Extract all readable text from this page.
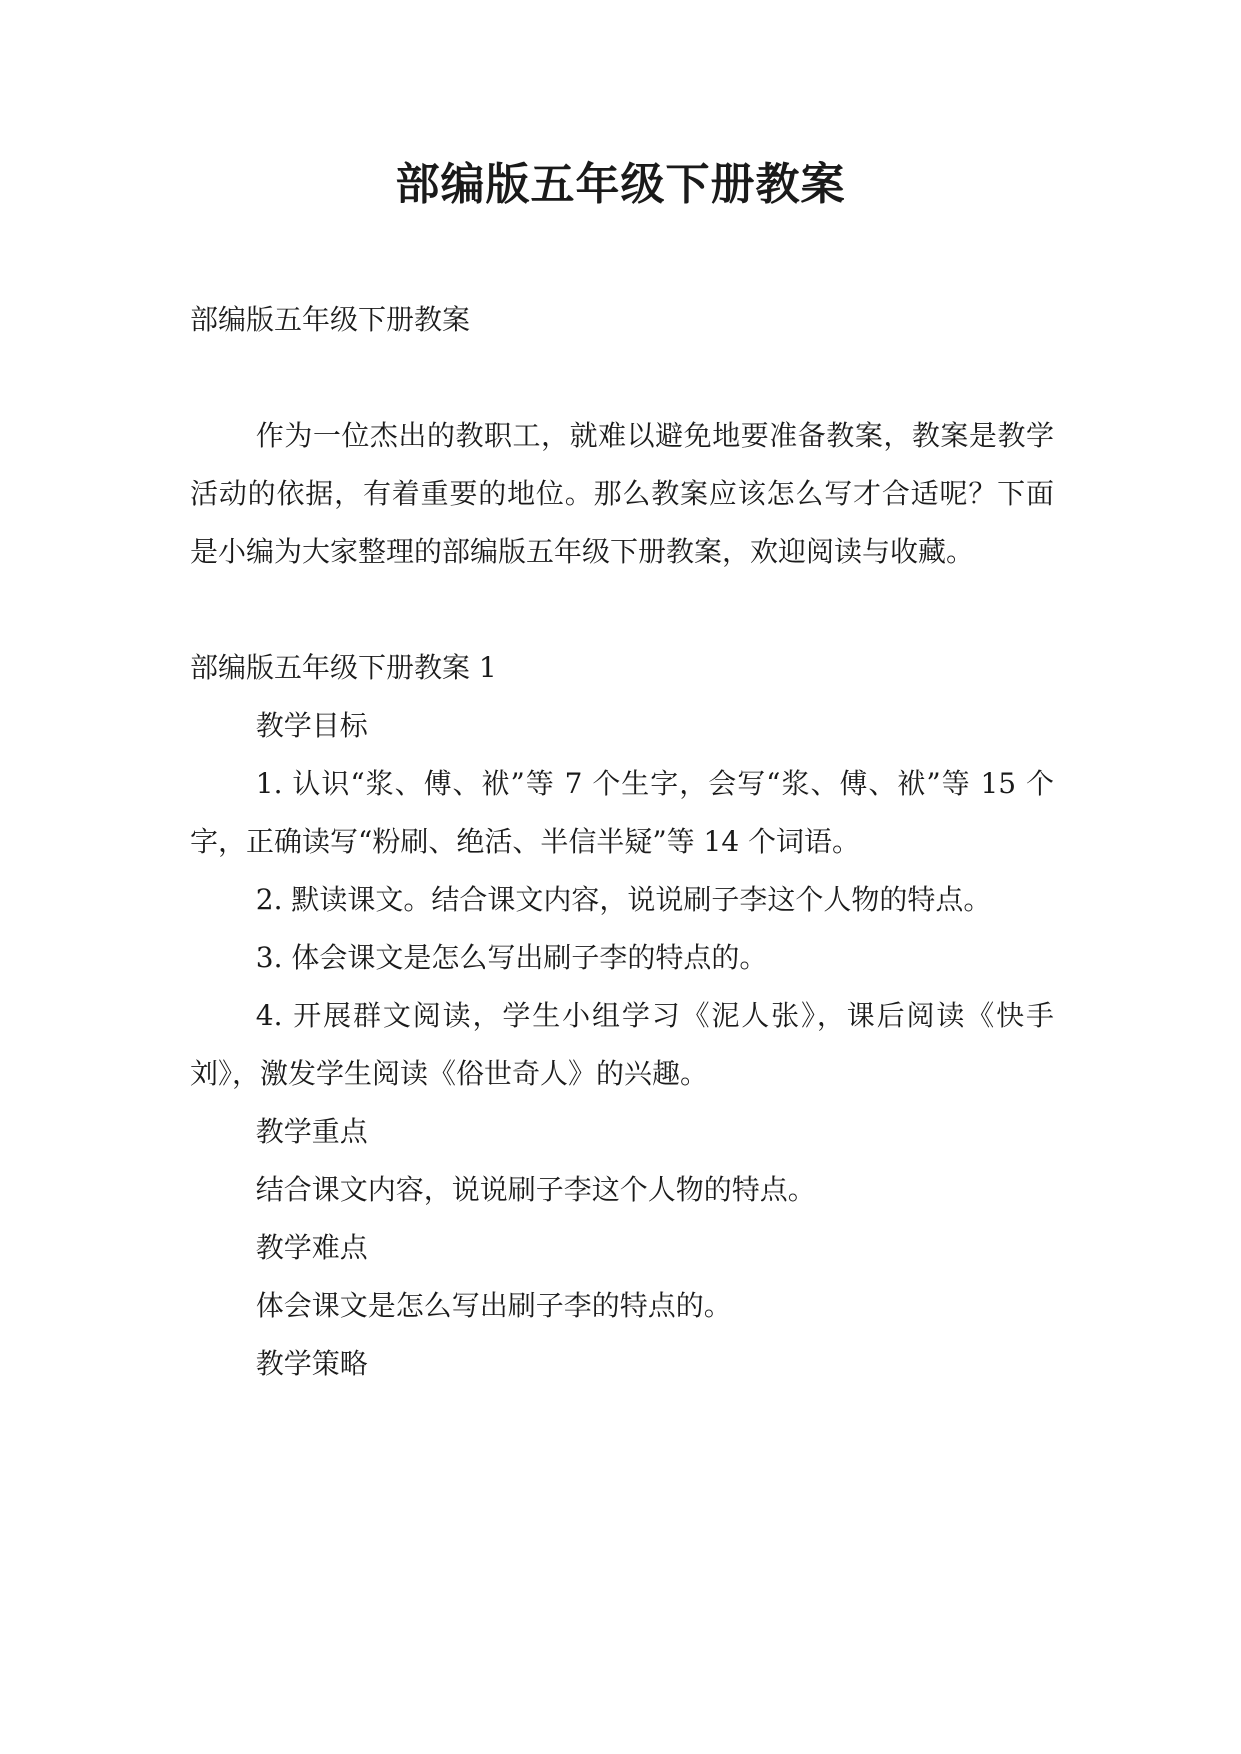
部编版五年级下册教案

部编版五年级下册教案

作为一位杰出的教职工，就难以避免地要准备教案，教案是教学活动的依据，有着重要的地位。那么教案应该怎么写才合适呢？下面是小编为大家整理的部编版五年级下册教案，欢迎阅读与收藏。

部编版五年级下册教案 1

教学目标

1. 认识“浆、傅、袱”等 7 个生字，会写“浆、傅、袱”等 15 个字，正确读写“粉刷、绝活、半信半疑”等 14 个词语。

2. 默读课文。结合课文内容，说说刷子李这个人物的特点。

3. 体会课文是怎么写出刷子李的特点的。

4. 开展群文阅读，学生小组学习《泥人张》，课后阅读《快手刘》，激发学生阅读《俗世奇人》的兴趣。

教学重点

结合课文内容，说说刷子李这个人物的特点。

教学难点

体会课文是怎么写出刷子李的特点的。

教学策略
